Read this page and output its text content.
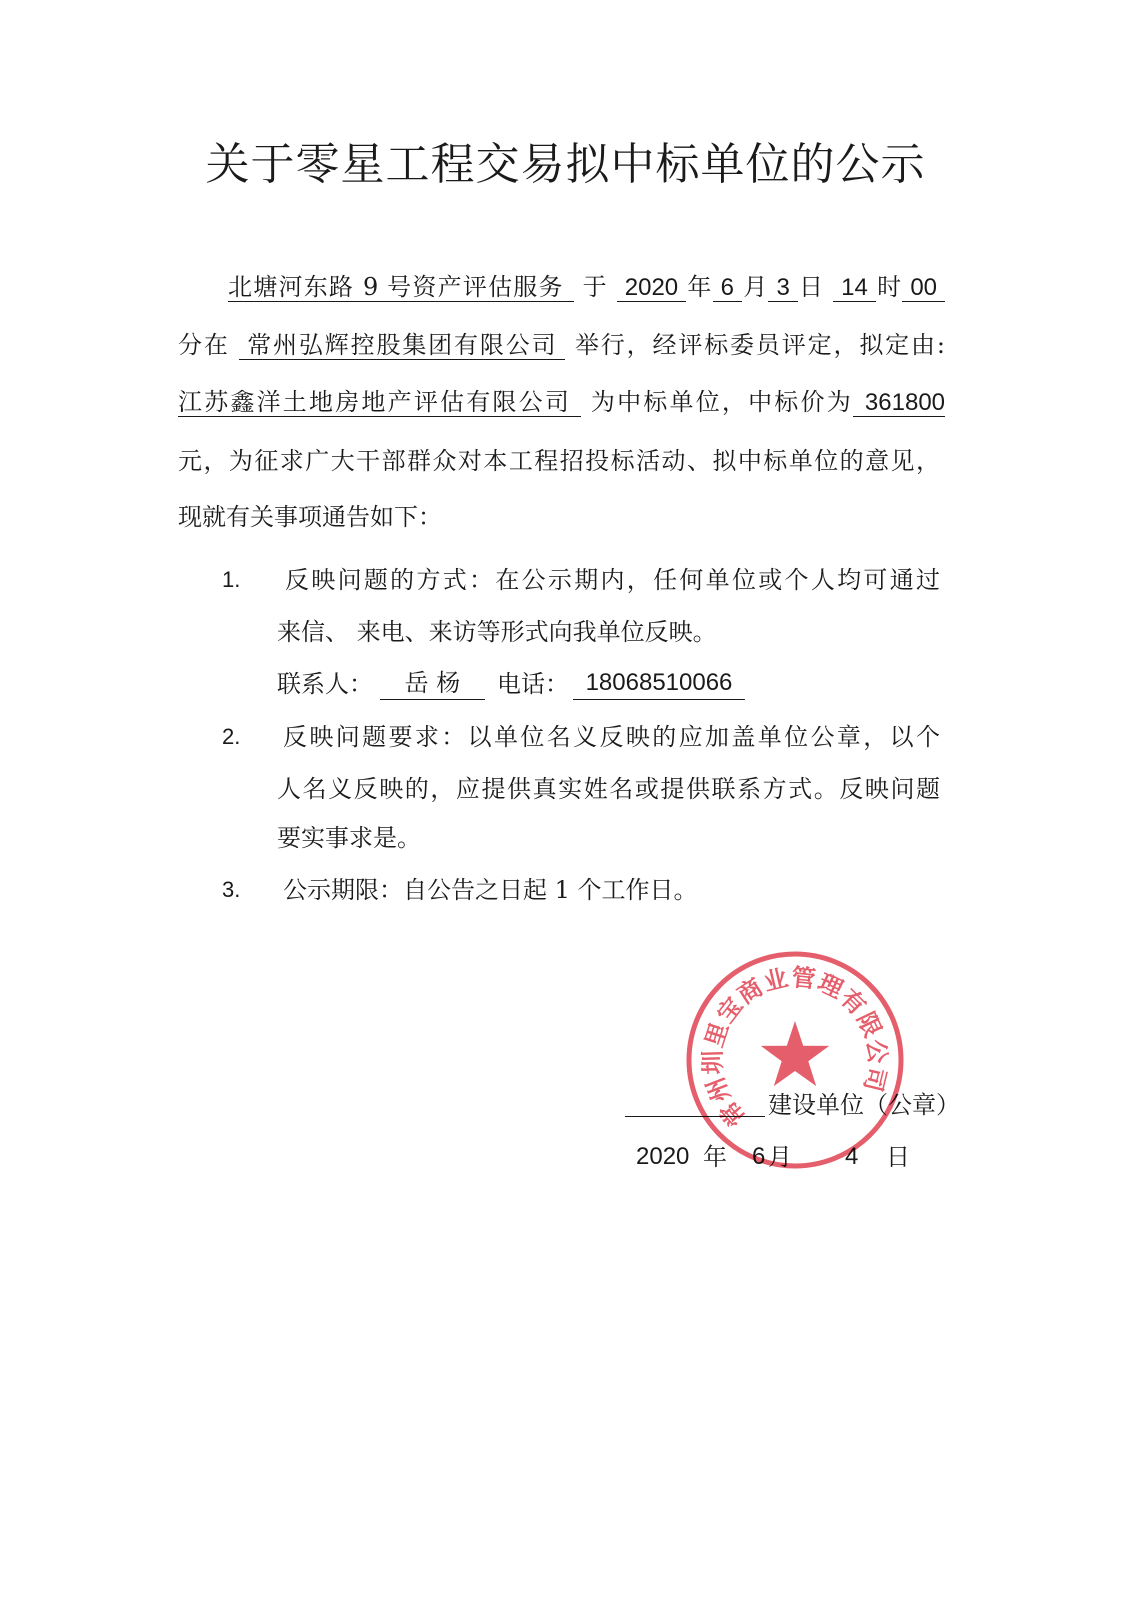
关于零星工程交易拟中标单位的公示
北塘河东路 9 号资产评估服务 于 2020 年 6 月 3 日 14 时 00
分在 常州弘辉控股集团有限公司 举行，经评标委员评定，拟定由:
江苏鑫洋土地房地产评估有限公司 为中标单位，中标价为 361800
元，为征求广大干部群众对本工程招投标活动、拟中标单位的意见，
现就有关事项通告如下：
1. 反映问题的方式：在公示期内，任何单位或个人均可通过
来信、 来电、来访等形式向我单位反映。
联系人：	岳 杨	电话： 18068510066
2. 反映问题要求：以单位名义反映的应加盖单位公章，以个
人名义反映的，应提供真实姓名或提供联系方式。反映问题
要实事求是。
3. 公示期限：自公告之日起 1 个工作日。
建设单位（公章）
2020 年 6 月 4 日
常州圳里宝商业管理有限公司
